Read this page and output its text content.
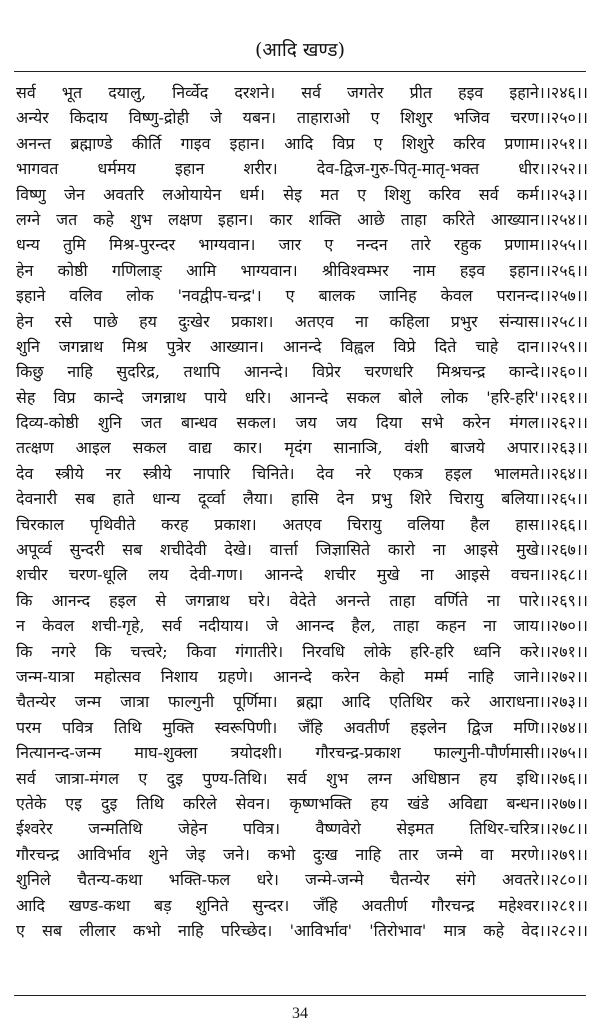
(आदि खण्ड)
सर्व भूत दयालु, निर्व्वेद दरशने। सर्व जगतेर प्रीत हइव इहाने।।२४६।।
अन्येर किदाय विष्णु-द्रोही जे यबन। ताहाराओ ए शिशुर भजिव चरण।।२५०।।
अनन्त ब्रह्माण्डे कीर्ति गाइव इहान। आदि विप्र ए शिशुरे करिव प्रणाम।।२५१।।
भागवत धर्ममय इहान शरीर। देव-द्विज-गुरु-पितृ-मातृ-भक्त धीर।।२५२।।
विष्णु जेन अवतरि लओयायेन धर्म। सेइ मत ए शिशु करिव सर्व कर्म।।२५३।।
लग्ने जत कहे शुभ लक्षण इहान। कार शक्ति आछे ताहा करिते आख्यान।।२५४।।
धन्य तुमि मिश्र-पुरन्दर भाग्यवान। जार ए नन्दन तारे रहुक प्रणाम।।२५५।।
हेन कोष्ठी गणिलाङ् आमि भाग्यवान। श्रीविश्वम्भर नाम हइव इहान।।२५६।।
इहाने वलिव लोक 'नवद्वीप-चन्द्र'। ए बालक जानिह केवल परानन्द।।२५७।।
हेन रसे पाछे हय दुःखेर प्रकाश। अतएव ना कहिला प्रभुर संन्यास।।२५८।।
शुनि जगन्नाथ मिश्र पुत्रेर आख्यान। आनन्दे विह्वल विप्रे दिते चाहे दान।।२५९।।
किछु नाहि सुदरिद्र, तथापि आनन्दे। विप्रेर चरणधरि मिश्रचन्द्र कान्दे।।२६०।।
सेह विप्र कान्दे जगन्नाथ पाये धरि। आनन्दे सकल बोले लोक 'हरि-हरि'।।२६१।।
दिव्य-कोष्ठी शुनि जत बान्धव सकल। जय जय दिया सभे करेन मंगल।।२६२।।
तत्क्षण आइल सकल वाद्य कार। मृदंग सानाञि, वंशी बाजये अपार।।२६३।।
देव स्त्रीये नर स्त्रीये नापारि चिनिते। देव नरे एकत्र हइल भालमते।।२६४।।
देवनारी सब हाते धान्य दूर्व्वा लैया। हासि देन प्रभु शिरे चिरायु बलिया।।२६५।।
चिरकाल पृथिवीते करह प्रकाश। अतएव चिरायु वलिया हैल हास।।२६६।।
अपूर्व्व सुन्दरी सब शचीदेवी देखे। वार्त्ता जिज्ञासिते कारो ना आइसे मुखे।।२६७।।
शचीर चरण-धूलि लय देवी-गण। आनन्दे शचीर मुखे ना आइसे वचन।।२६८।।
कि आनन्द हइल से जगन्नाथ घरे। वेदेते अनन्ते ताहा वर्णिते ना पारे।।२६९।।
न केवल शची-गृहे, सर्व नदीयाय। जे आनन्द हैल, ताहा कहन ना जाय।।२७०।।
कि नगरे कि चत्त्वरे; किवा गंगातीरे। निरवधि लोके हरि-हरि ध्वनि करे।।२७१।।
जन्म-यात्रा महोत्सव निशाय ग्रहणे। आनन्दे करेन केहो मर्म्म नाहि जाने।।२७२।।
चैतन्येर जन्म जात्रा फाल्गुनी पूर्णिमा। ब्रह्मा आदि एतिथिर करे आराधना।।२७३।।
परम पवित्र तिथि मुक्ति स्वरूपिणी। जँहि अवतीर्ण हइलेन द्विज मणि।।२७४।।
नित्यानन्द-जन्म माघ-शुक्ला त्रयोदशी। गौरचन्द्र-प्रकाश फाल्गुनी-पौर्णमासी।।२७५।।
सर्व जात्रा-मंगल ए दुइ पुण्य-तिथि। सर्व शुभ लग्न अधिष्ठान हय इथि।।२७६।।
एतेके एइ दुइ तिथि करिले सेवन। कृष्णभक्ति हय खंडे अविद्या बन्धन।।२७७।।
ईश्वरेर जन्मतिथि जेहेन पवित्र। वैष्णवेरो सेइमत तिथिर-चरित्र।।२७८।।
गौरचन्द्र आविर्भाव शुने जेइ जने। कभो दुःख नाहि तार जन्मे वा मरणे।।२७९।।
शुनिले चैतन्य-कथा भक्ति-फल धरे। जन्मे-जन्मे चैतन्येर संगे अवतरे।।२८०।।
आदि खण्ड-कथा बड़ शुनिते सुन्दर। जँहि अवतीर्ण गौरचन्द्र महेश्वर।।२८१।।
ए सब लीलार कभो नाहि परिच्छेद। 'आविर्भाव' 'तिरोभाव' मात्र कहे वेद।।२८२।।
34
